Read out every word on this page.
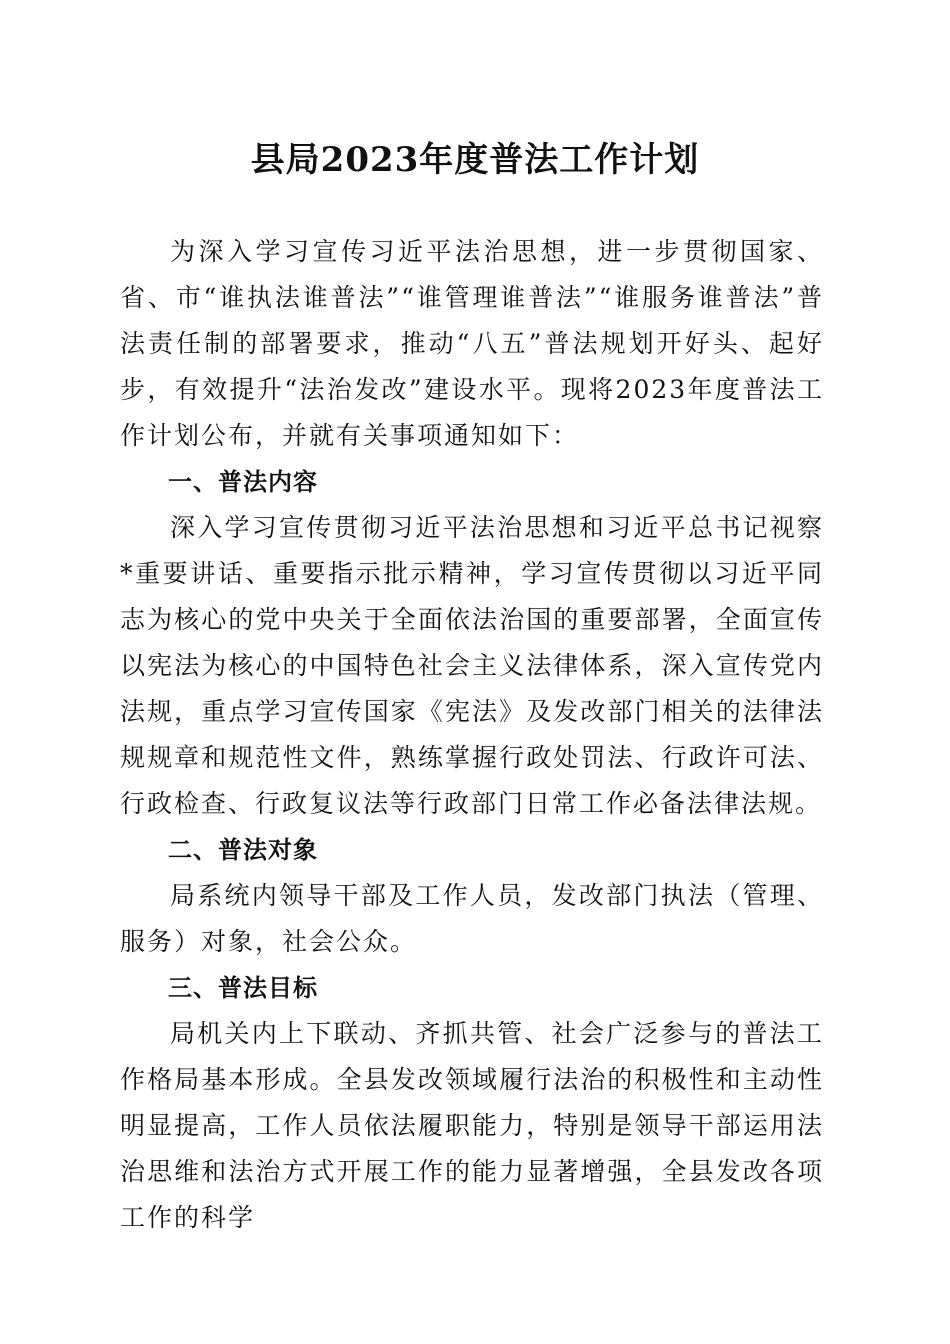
县局2023年度普法工作计划

为深入学习宣传习近平法治思想，进一步贯彻国家、省、市“谁执法谁普法”“谁管理谁普法”“谁服务谁普法”普法责任制的部署要求，推动“八五”普法规划开好头、起好步，有效提升“法治发改”建设水平。现将2023年度普法工作计划公布，并就有关事项通知如下：

一、普法内容

深入学习宣传贯彻习近平法治思想和习近平总书记视察*重要讲话、重要指示批示精神，学习宣传贯彻以习近平同志为核心的党中央关于全面依法治国的重要部署，全面宣传以宪法为核心的中国特色社会主义法律体系，深入宣传党内法规，重点学习宣传国家《宪法》及发改部门相关的法律法规规章和规范性文件，熟练掌握行政处罚法、行政许可法、行政检查、行政复议法等行政部门日常工作必备法律法规。

二、普法对象

局系统内领导干部及工作人员，发改部门执法（管理、服务）对象，社会公众。

三、普法目标

局机关内上下联动、齐抓共管、社会广泛参与的普法工作格局基本形成。全县发改领域履行法治的积极性和主动性明显提高，工作人员依法履职能力，特别是领导干部运用法治思维和法治方式开展工作的能力显著增强，全县发改各项工作的科学
